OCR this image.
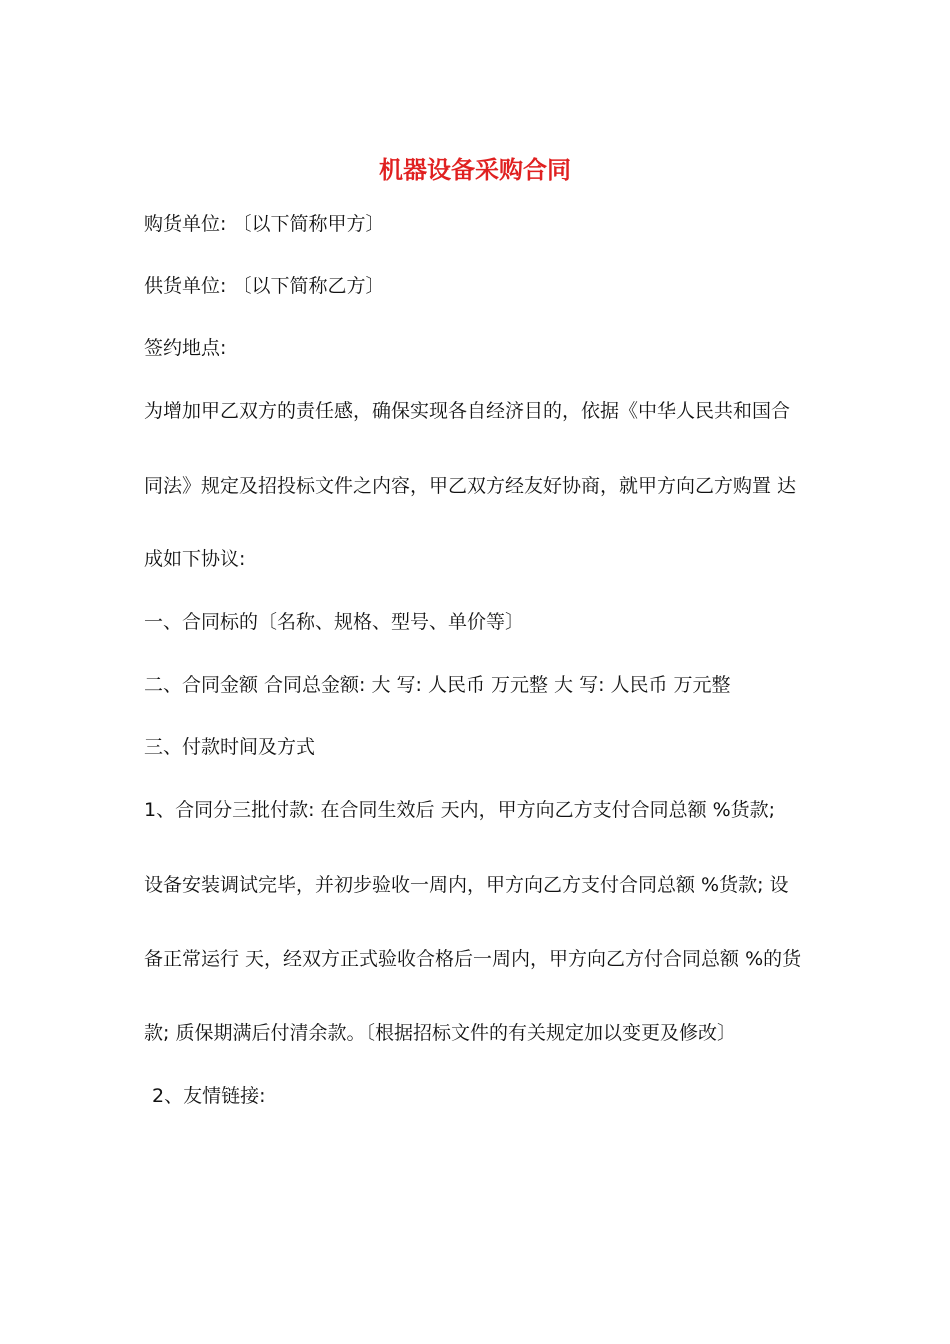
机器设备采购合同
购货单位: 〔以下简称甲方〕
供货单位: 〔以下简称乙方〕
签约地点:
为增加甲乙双方的责任感，确保实现各自经济目的，依据《中华人民共和国合
同法》规定及招投标文件之内容，甲乙双方经友好协商，就甲方向乙方购置 达
成如下协议:
一、合同标的〔名称、规格、型号、单价等〕
二、合同金额 合同总金额: 大 写: 人民币 万元整 大 写: 人民币 万元整
三、付款时间及方式
1、合同分三批付款: 在合同生效后 天内，甲方向乙方支付合同总额 %货款;
设备安装调试完毕，并初步验收一周内，甲方向乙方支付合同总额 %货款; 设
备正常运行 天，经双方正式验收合格后一周内，甲方向乙方付合同总额 %的货
款; 质保期满后付清余款。〔根据招标文件的有关规定加以变更及修改〕
2、友情链接:
